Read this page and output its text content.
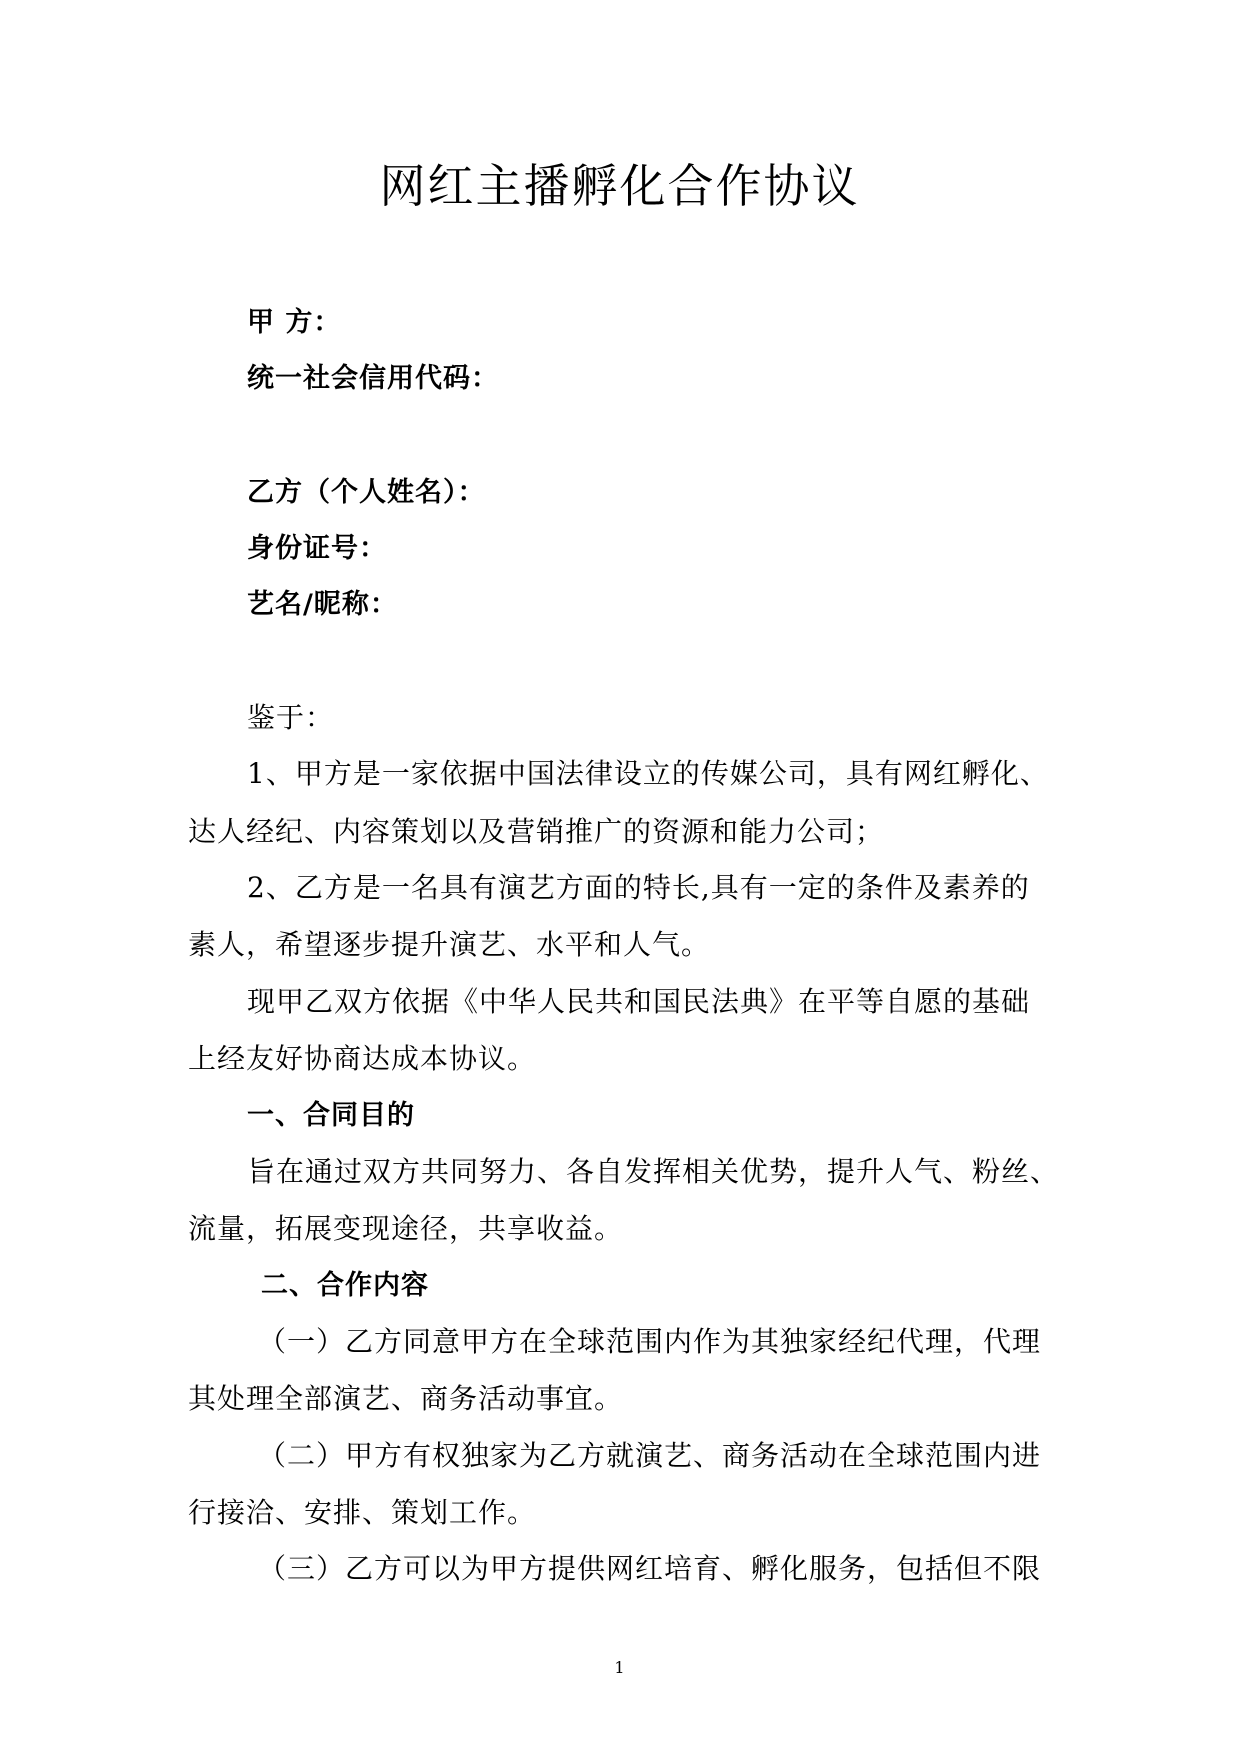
网红主播孵化合作协议
甲 方：
统一社会信用代码：
乙方（个人姓名）：
身份证号：
艺名/昵称：
鉴于：
1、甲方是一家依据中国法律设立的传媒公司，具有网红孵化、
达人经纪、内容策划以及营销推广的资源和能力公司；
2、乙方是一名具有演艺方面的特长,具有一定的条件及素养的
素人，希望逐步提升演艺、水平和人气。
现甲乙双方依据《中华人民共和国民法典》在平等自愿的基础
上经友好协商达成本协议。
一、合同目的
旨在通过双方共同努力、各自发挥相关优势，提升人气、粉丝、
流量，拓展变现途径，共享收益。
二、合作内容
（一）乙方同意甲方在全球范围内作为其独家经纪代理，代理
其处理全部演艺、商务活动事宜。
（二）甲方有权独家为乙方就演艺、商务活动在全球范围内进
行接洽、安排、策划工作。
（三）乙方可以为甲方提供网红培育、孵化服务，包括但不限
1
